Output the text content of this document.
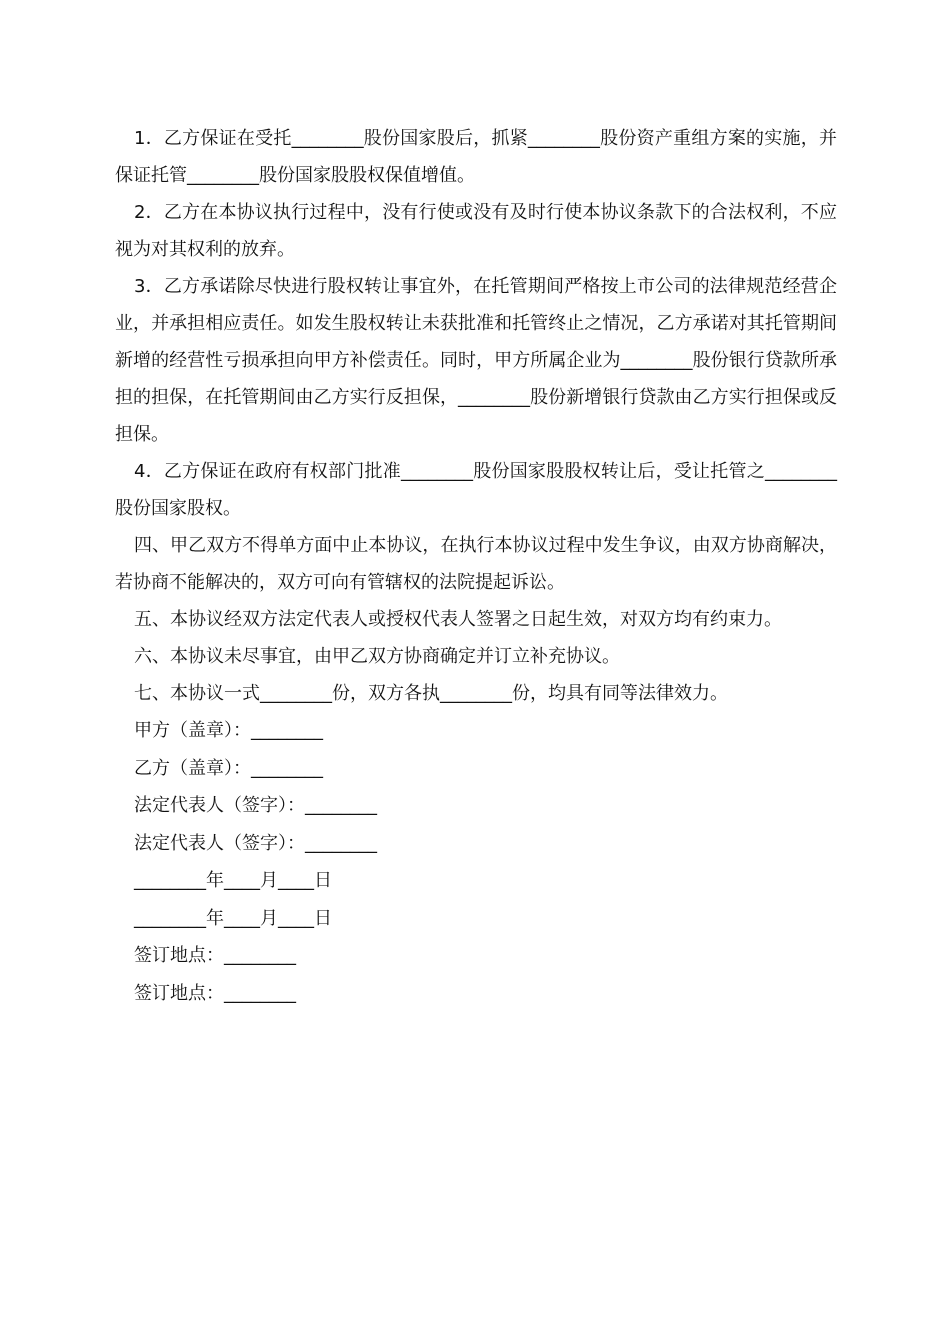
1．乙方保证在受托________股份国家股后，抓紧________股份资产重组方案的实施，并保证托管________股份国家股股权保值增值。

2．乙方在本协议执行过程中，没有行使或没有及时行使本协议条款下的合法权利，不应视为对其权利的放弃。

3．乙方承诺除尽快进行股权转让事宜外，在托管期间严格按上市公司的法律规范经营企业，并承担相应责任。如发生股权转让未获批准和托管终止之情况，乙方承诺对其托管期间新增的经营性亏损承担向甲方补偿责任。同时，甲方所属企业为________股份银行贷款所承担的担保，在托管期间由乙方实行反担保，________股份新增银行贷款由乙方实行担保或反担保。

4．乙方保证在政府有权部门批准________股份国家股股权转让后，受让托管之________股份国家股权。

四、甲乙双方不得单方面中止本协议，在执行本协议过程中发生争议，由双方协商解决，若协商不能解决的，双方可向有管辖权的法院提起诉讼。

五、本协议经双方法定代表人或授权代表人签署之日起生效，对双方均有约束力。

六、本协议未尽事宜，由甲乙双方协商确定并订立补充协议。

七、本协议一式________份，双方各执________份，均具有同等法律效力。

甲方（盖章）：________

乙方（盖章）：________

法定代表人（签字）：________

法定代表人（签字）：________

________年____月____日

________年____月____日

签订地点：________

签订地点：________
